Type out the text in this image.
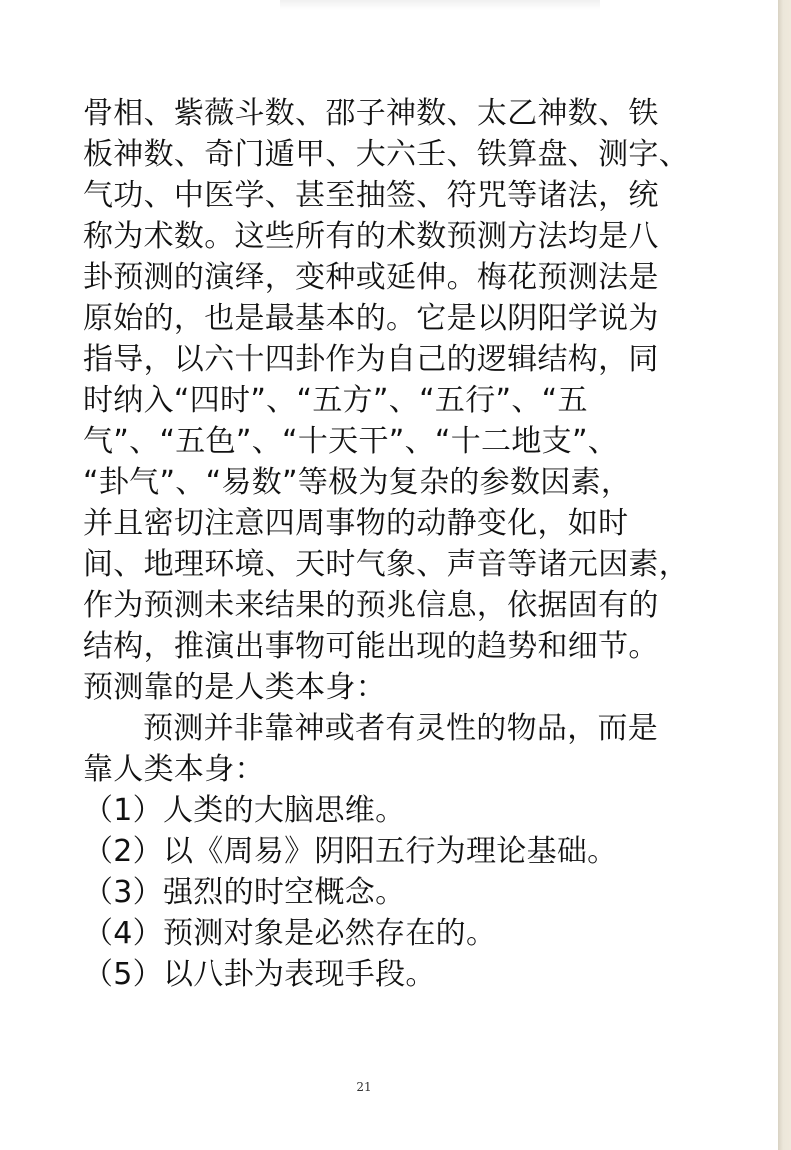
骨相、紫薇斗数、邵子神数、太乙神数、铁
板神数、奇门遁甲、大六壬、铁算盘、测字、
气功、中医学、甚至抽签、符咒等诸法，统
称为术数。这些所有的术数预测方法均是八
卦预测的演绎，变种或延伸。梅花预测法是
原始的，也是最基本的。它是以阴阳学说为
指导，以六十四卦作为自己的逻辑结构，同
时纳入“四时”、“五方”、“五行”、“五
气”、“五色”、“十天干”、“十二地支”、
“卦气”、“易数”等极为复杂的参数因素，
并且密切注意四周事物的动静变化，如时
间、地理环境、天时气象、声音等诸元因素，
作为预测未来结果的预兆信息，依据固有的
结构，推演出事物可能出现的趋势和细节。
预测靠的是人类本身：
预测并非靠神或者有灵性的物品，而是
靠人类本身：
（1）人类的大脑思维。
（2）以《周易》阴阳五行为理论基础。
（3）强烈的时空概念。
（4）预测对象是必然存在的。
（5）以八卦为表现手段。
21
